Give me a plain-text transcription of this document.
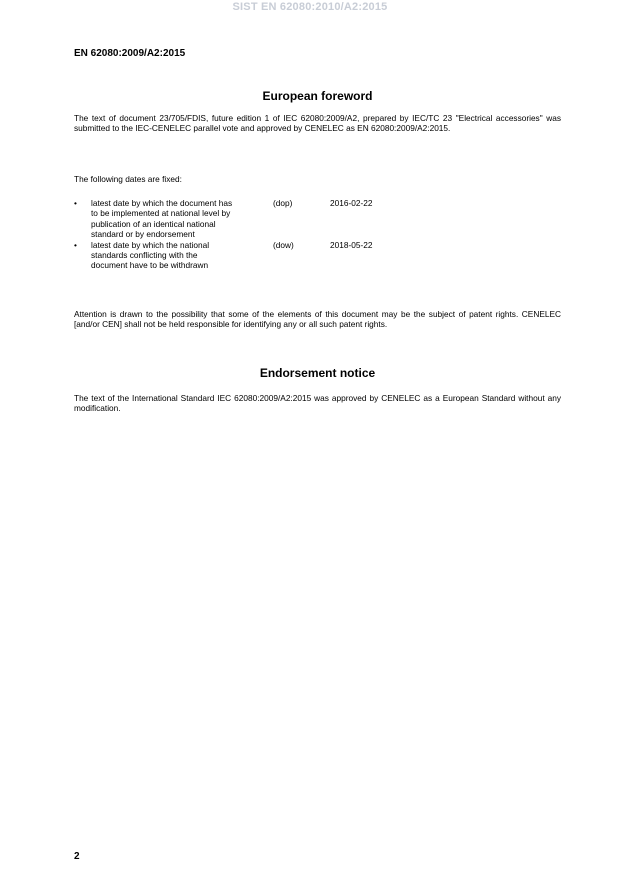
SIST EN 62080:2010/A2:2015
EN 62080:2009/A2:2015
European foreword
The text of document 23/705/FDIS, future edition 1 of IEC 62080:2009/A2, prepared by IEC/TC 23 "Electrical accessories" was submitted to the IEC-CENELEC parallel vote and approved by CENELEC as EN 62080:2009/A2:2015.
The following dates are fixed:
•	latest date by which the document has
to be implemented at national level by
publication of an identical national
standard or by endorsement
(dop)	2016-02-22
•	latest date by which the national
standards conflicting with the
document have to be withdrawn
(dow)	2018-05-22
Attention is drawn to the possibility that some of the elements of this document may be the subject of patent rights. CENELEC [and/or CEN] shall not be held responsible for identifying any or all such patent rights.
Endorsement notice
The text of the International Standard IEC 62080:2009/A2:2015 was approved by CENELEC as a European Standard without any modification.
2
